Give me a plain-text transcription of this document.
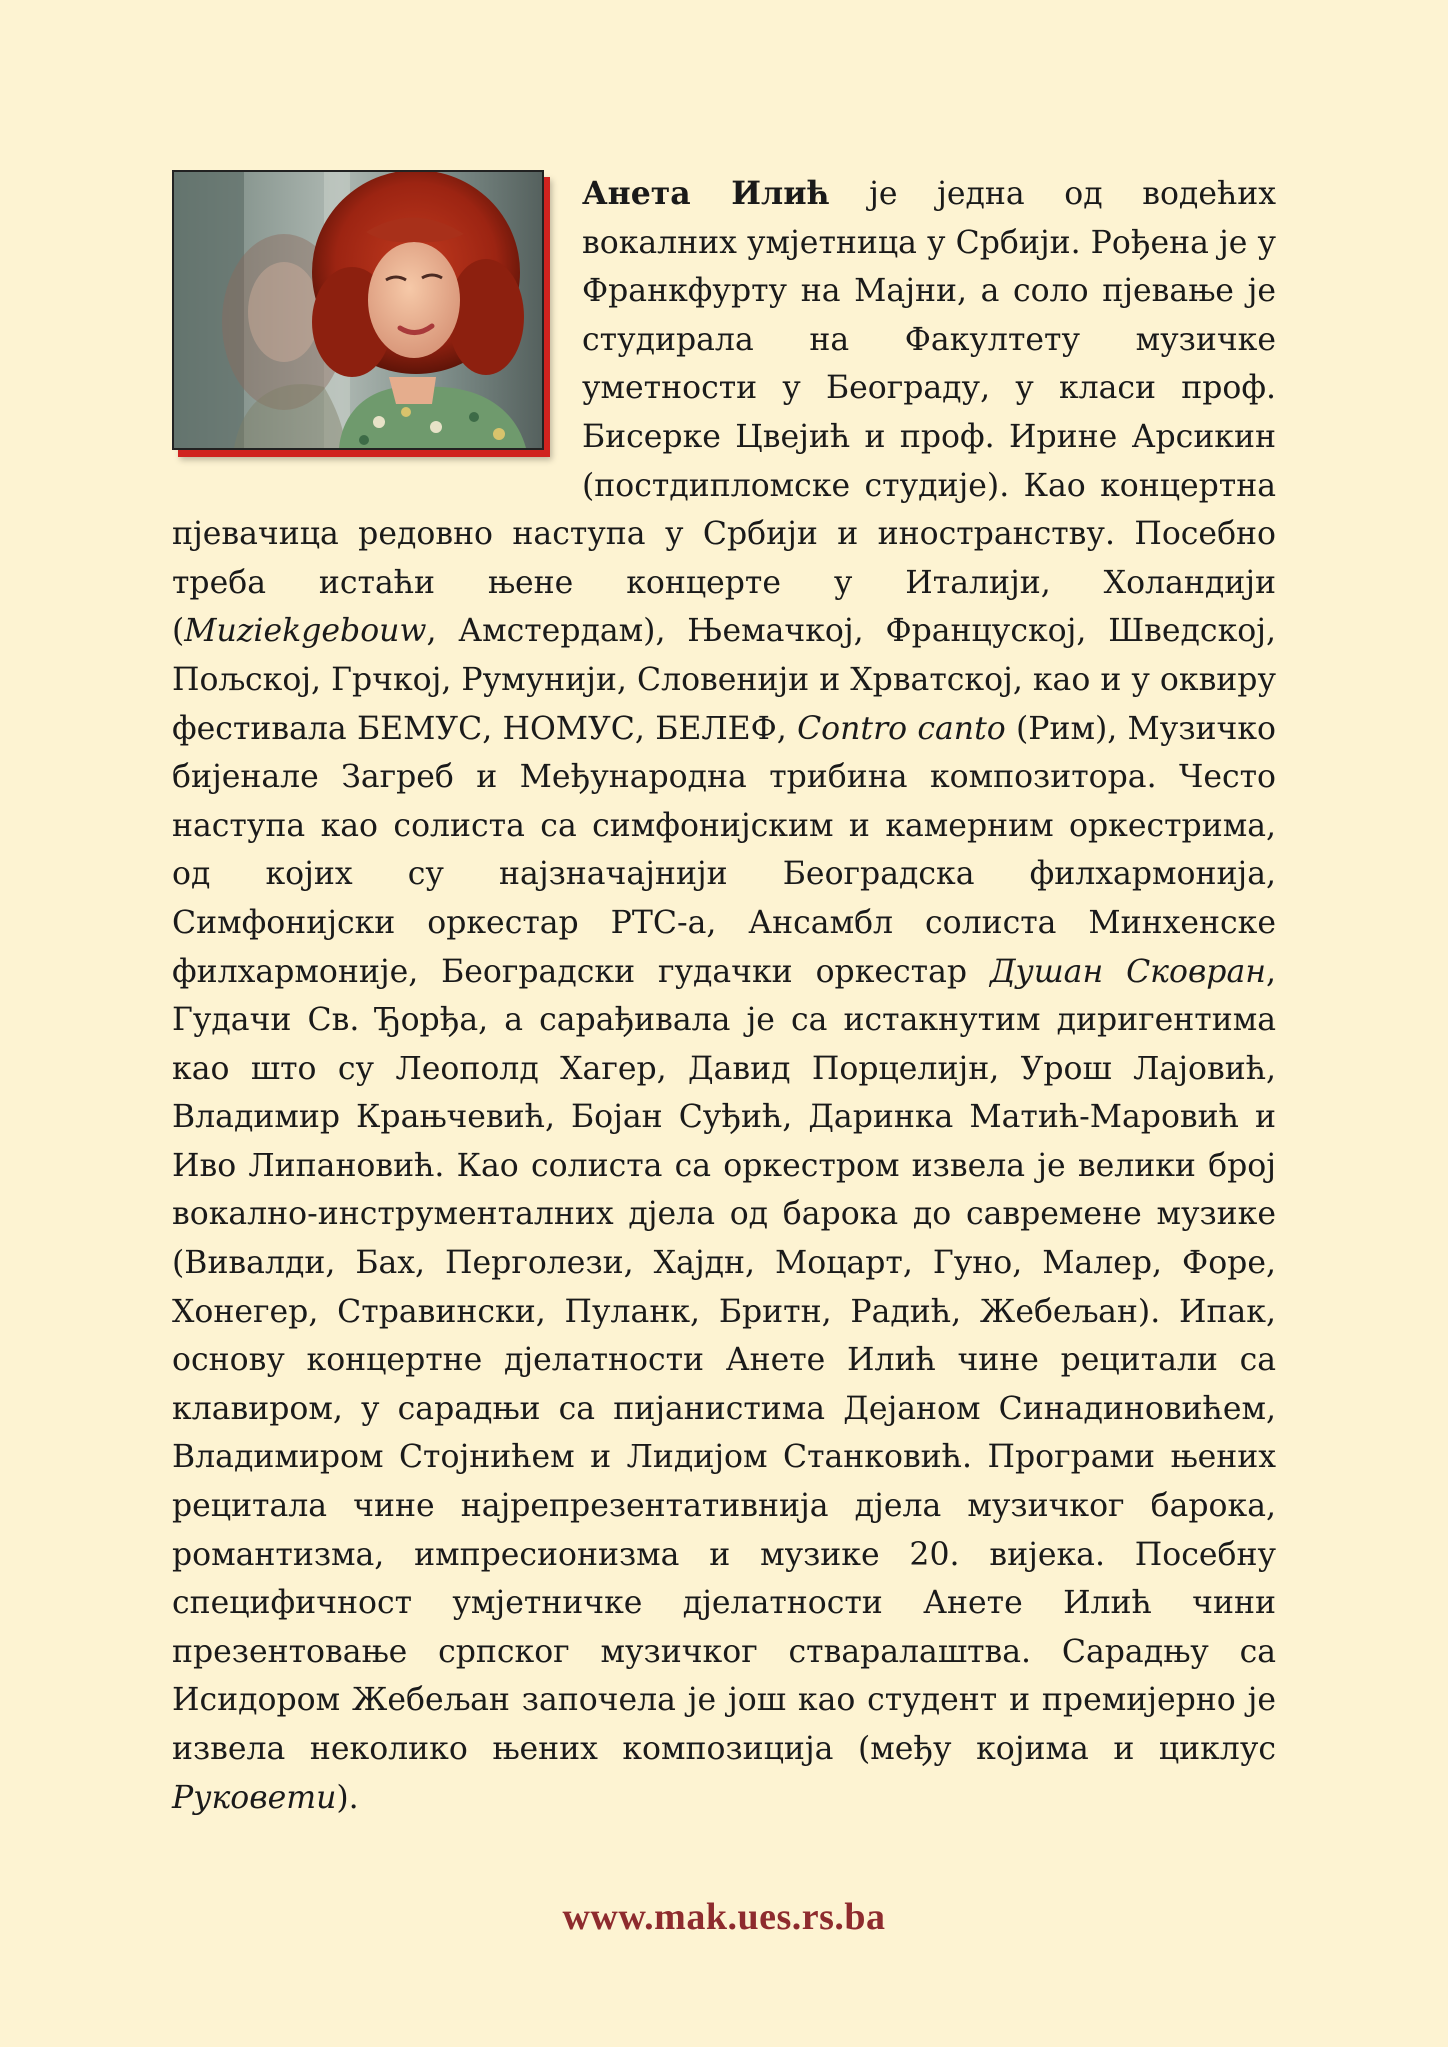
Анета Илић је једна од водећих вокалних умјетница у Србији. Рођена је у Франкфурту на Мајни, а соло пјевање је студирала на Факултету музичке уметности у Београду, у класи проф. Бисерке Цвејић и проф. Ирине Арсикин (постдипломске студије). Као концертна пјевачица редовно наступа у Србији и иностранству. Посебно треба истаћи њене концерте у Италији, Холандији (Muziekgebouw, Амстердам), Њемачкој, Француској, Шведској, Пољској, Грчкој, Румунији, Словенији и Хрватској, као и у оквиру фестивала БЕМУС, НОМУС, БЕЛЕФ, Contro canto (Рим), Музичко бијенале Загреб и Међународна трибина композитора. Често наступа као солиста са симфонијским и камерним оркестрима, од којих су најзначајнији Београдска филхармонија, Симфонијски оркестар РТС-а, Ансамбл солиста Минхенске филхармоније, Београдски гудачки оркестар Душан Сковран, Гудачи Св. Ђорђа, а сарађивала је са истакнутим диригентима као што су Леополд Хагер, Давид Порцелијн, Урош Лајовић, Владимир Крањчевић, Бојан Суђић, Даринка Матић-Маровић и Иво Липановић. Као солиста са оркестром извела је велики број вокално-инструменталних дјела од барока до савремене музике (Вивалди, Бах, Перголези, Хајдн, Моцарт, Гуно, Малер, Форе, Хонегер, Стравински, Пуланк, Бритн, Радић, Жебељан). Ипак, основу концертне дјелатности Анете Илић чине рецитали са клавиром, у сарадњи са пијанистима Дејаном Синадиновићем, Владимиром Стојнићем и Лидијом Станковић. Програми њених рецитала чине најрепрезентативнија дјела музичког барока, романтизма, импресионизма и музике 20. вијека. Посебну специфичност умјетничке дјелатности Анете Илић чини презентовање српског музичког стваралаштва. Сарадњу са Исидором Жебељан започела је још као студент и премијерно је извела неколико њених композиција (међу којима и циклус Руковети).

www.mak.ues.rs.ba
